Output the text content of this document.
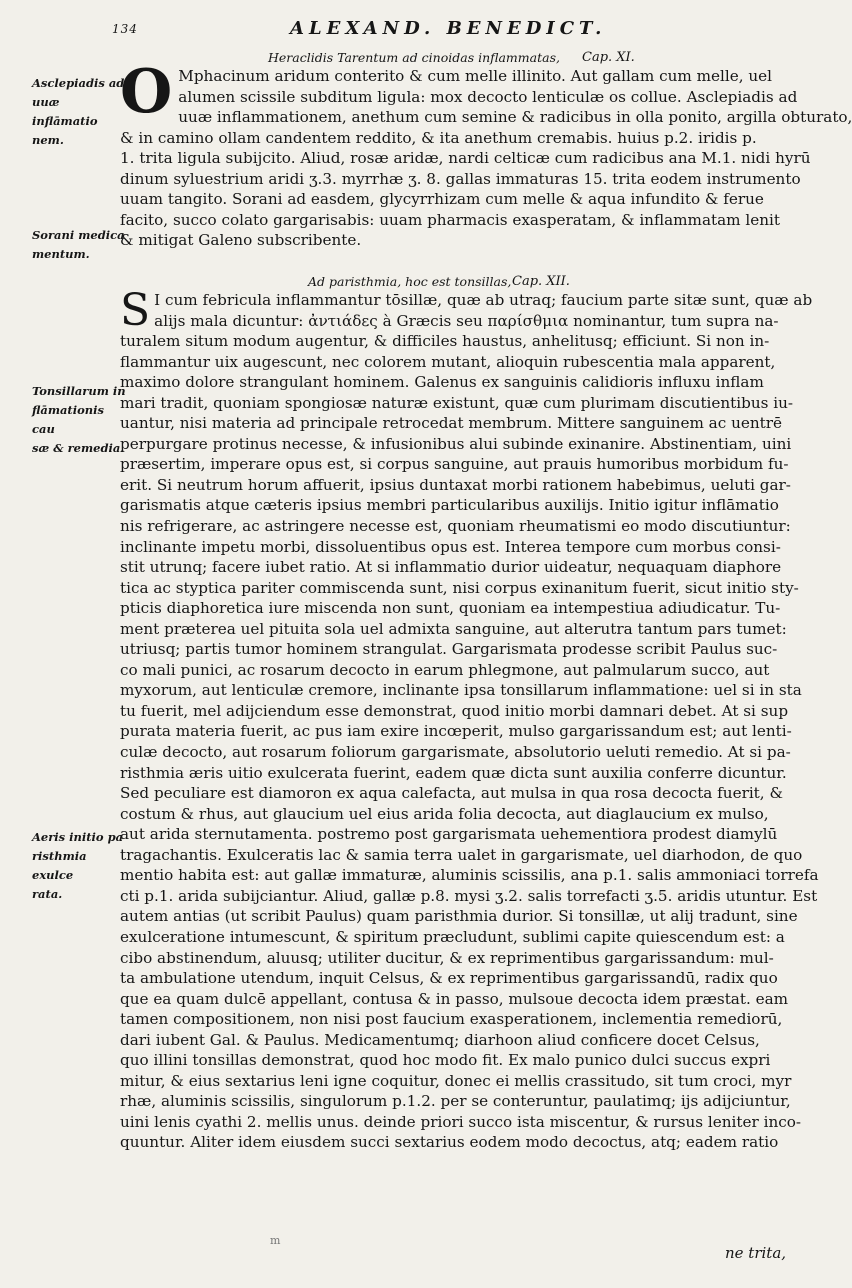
134	ALEXAND. BENEDICT.
Heraclidis Tarentum ad cinoidas inflammatas, Cap. XI.
Asclepiadis ad
uuæ inflāmatio
nem.
Sorani medica
mentum.
Tonsillarum in
flāmationis cau
sæ & remedia.
Aeris initio pa
risthmia exulce
rata.
O Mphacinum aridum conterito & cum melle illinito. Aut gallam cum melle, uel
alumen scissile subditum ligula: mox decocto lenticulæ os collue. Asclepiadis ad
uuæ inflammationem, anethum cum semine & radicibus in olla ponito, argilla obturato,
& in camino ollam candentem reddito, & ita anethum cremabis. huius p.2. iridis p.
1. trita ligula subijcito. Aliud, rosæ aridæ, nardi celticæ cum radicibus ana M.1. nidi hyrū
dinum syluestrium aridi ʒ.3. myrrhæ ʒ. 8. gallas immaturas 15. trita eodem instrumento
uuam tangito. Sorani ad easdem, glycyrrhizam cum melle & aqua infundito & ferue
facito, succo colato gargarisabis: uuam pharmacis exasperatam, & inflammatam lenit
& mitigat Galeno subscribente.
Ad paristhmia, hoc est tonsillas, Cap. XII.
S I cum febricula inflammantur tōsillæ, quæ ab utraq; faucium parte sitæ sunt, quæ ab
alijs mala dicuntur: ἀντιάδες à Græcis seu παρίσθμια nominantur, tum supra na-
turalem situm modum augentur, & difficiles haustus, anhelitusq; efficiunt. Si non in-
flammantur uix augescunt, nec colorem mutant, alioquin rubescentia mala apparent,
maximo dolore strangulant hominem. Galenus ex sanguinis calidioris influxu inflam
mari tradit, quoniam spongiosæ naturæ existunt, quæ cum plurimam discutientibus iu-
uantur, nisi materia ad principale retrocedat membrum. Mittere sanguinem ac uentrē
perpurgare protinus necesse, & infusionibus alui subinde exinanire. Abstinentiam, uini
præsertim, imperare opus est, si corpus sanguine, aut prauis humoribus morbidum fu-
erit. Si neutrum horum affuerit, ipsius duntaxat morbi rationem habebimus, ueluti gar-
garismatis atque cæteris ipsius membri particularibus auxilijs. Initio igitur inflāmatio
nis refrigerare, ac astringere necesse est, quoniam rheumatismi eo modo discutiuntur:
inclinante impetu morbi, dissoluentibus opus est. Interea tempore cum morbus consi-
stit utrunq; facere iubet ratio. At si inflammatio durior uideatur, nequaquam diaphore
tica ac styptica pariter commiscenda sunt, nisi corpus exinanitum fuerit, sicut initio sty-
pticis diaphoretica iure miscenda non sunt, quoniam ea intempestiua adiudicatur. Tu-
ment præterea uel pituita sola uel admixta sanguine, aut alterutra tantum pars tumet:
utriusq; partis tumor hominem strangulat. Gargarismata prodesse scribit Paulus suc-
co mali punici, ac rosarum decocto in earum phlegmone, aut palmularum succo, aut
myxorum, aut lenticulæ cremore, inclinante ipsa tonsillarum inflammatione: uel si in sta
tu fuerit, mel adijciendum esse demonstrat, quod initio morbi damnari debet. At si sup
purata materia fuerit, ac pus iam exire incœperit, mulso gargarissandum est; aut lenti-
culæ decocto, aut rosarum foliorum gargarismate, absolutorio ueluti remedio. At si pa-
risthmia æris uitio exulcerata fuerint, eadem quæ dicta sunt auxilia conferre dicuntur.
Sed peculiare est diamoron ex aqua calefacta, aut mulsa in qua rosa decocta fuerit, &
costum & rhus, aut glaucium uel eius arida folia decocta, aut diaglaucium ex mulso,
aut arida sternutamenta. postremo post gargarismata uehementiora prodest diamylū
tragachantis. Exulceratis lac & samia terra ualet in gargarismate, uel diarhodon, de quo
mentio habita est: aut gallæ immaturæ, aluminis scissilis, ana p.1. salis ammoniaci torrefa
cti p.1. arida subijciantur. Aliud, gallæ p.8. mysi ʒ.2. salis torrefacti ʒ.5. aridis utuntur. Est
autem antias (ut scribit Paulus) quam paristhmia durior. Si tonsillæ, ut alij tradunt, sine
exulceratione intumescunt, & spiritum præcludunt, sublimi capite quiescendum est: a
cibo abstinendum, aluusq; utiliter ducitur, & ex reprimentibus gargarissandum: mul-
ta ambulatione utendum, inquit Celsus, & ex reprimentibus gargarissandū, radix quo
que ea quam dulcē appellant, contusa & in passo, mulsoue decocta idem præstat. eam
tamen compositionem, non nisi post faucium exasperationem, inclementia remediorū,
dari iubent Gal. & Paulus. Medicamentumq; diarhoon aliud conficere docet Celsus,
quo illini tonsillas demonstrat, quod hoc modo fit. Ex malo punico dulci succus expri
mitur, & eius sextarius leni igne coquitur, donec ei mellis crassitudo, sit tum croci, myr
rhæ, aluminis scissilis, singulorum p.1.2. per se conteruntur, paulatimq; ijs adijciuntur,
uini lenis cyathi 2. mellis unus. deinde priori succo ista miscentur, & rursus leniter inco-
quuntur. Aliter idem eiusdem succi sextarius eodem modo decoctus, atq; eadem ratio
m
ne trita,
